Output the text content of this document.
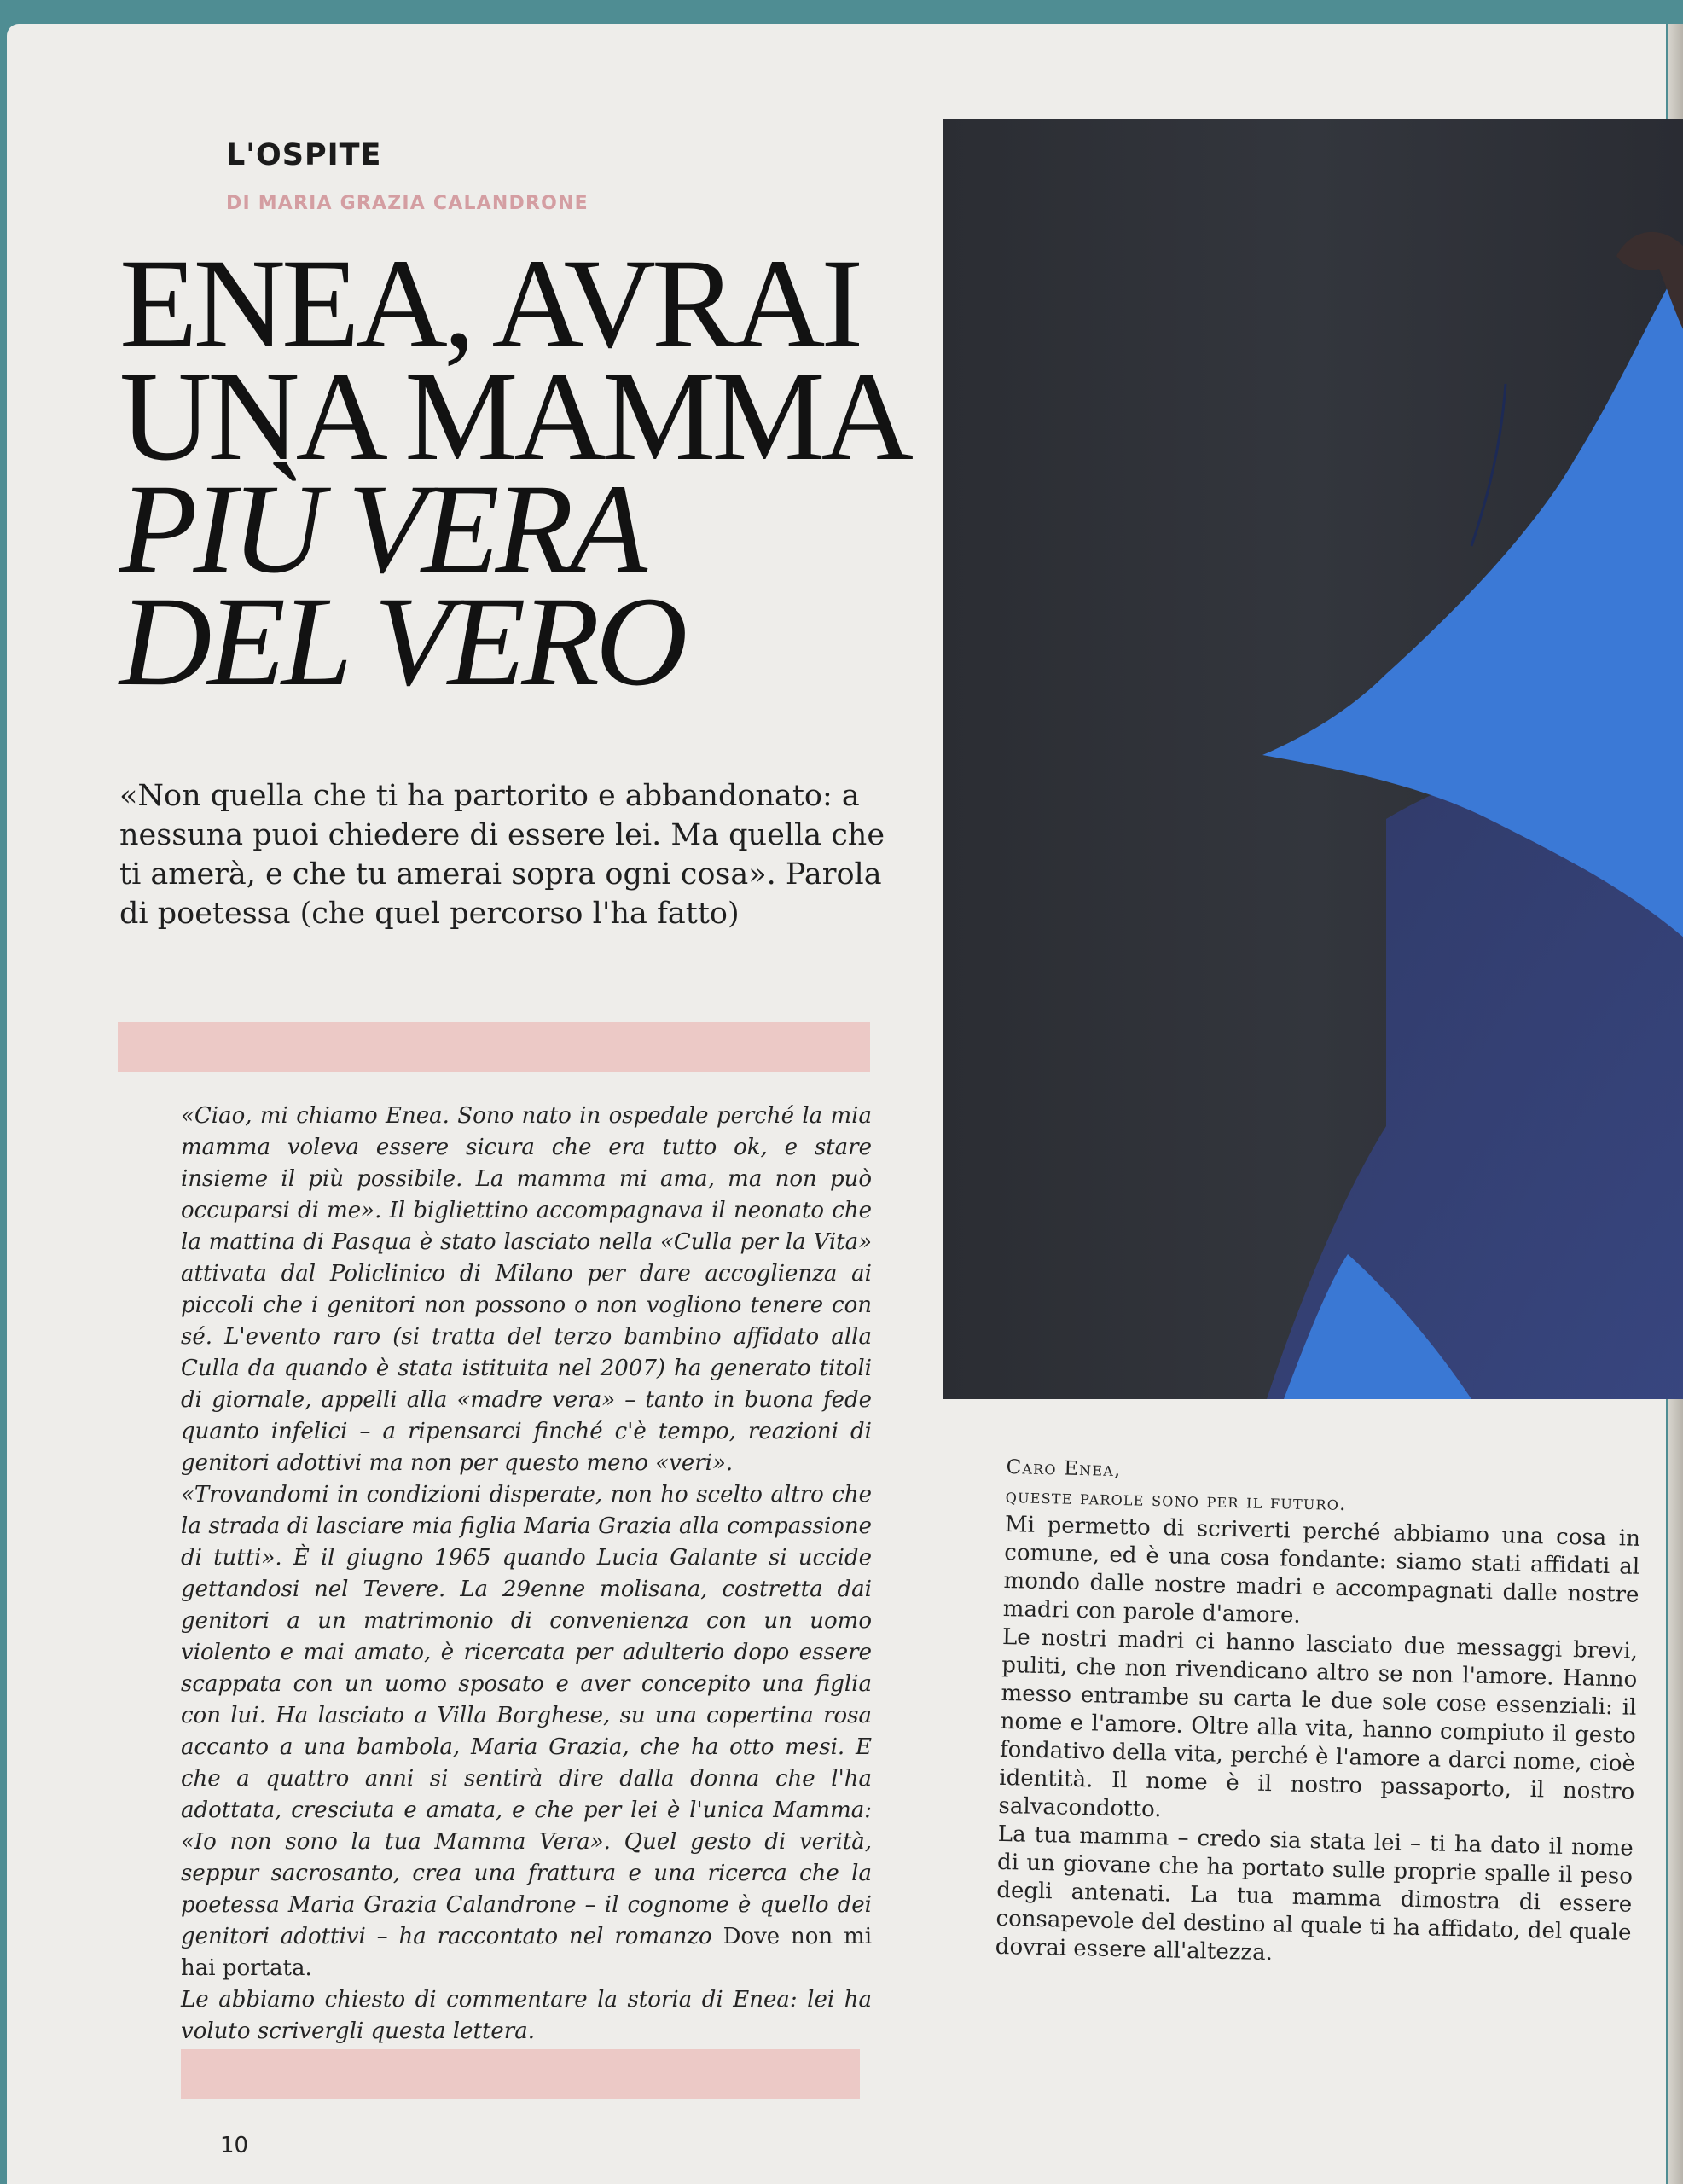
L'OSPITE

DI MARIA GRAZIA CALANDRONE

ENEA, AVRAI
UNA MAMMA
PIÙ VERA
DEL VERO

«Non quella che ti ha partorito e abbandonato: a nessuna puoi chiedere di essere lei. Ma quella che ti amerà, e che tu amerai sopra ogni cosa». Parola di poetessa (che quel percorso l'ha fatto)

«Ciao, mi chiamo Enea. Sono nato in ospedale perché la mia mamma voleva essere sicura che era tutto ok, e stare insieme il più possibile. La mamma mi ama, ma non può occuparsi di me». Il bigliettino accompagnava il neonato che la mattina di Pasqua è stato lasciato nella «Culla per la Vita» attivata dal Policlinico di Milano per dare accoglienza ai piccoli che i genitori non possono o non vogliono tenere con sé. L'evento raro (si tratta del terzo bambino affidato alla Culla da quando è stata istituita nel 2007) ha generato titoli di giornale, appelli alla «madre vera» – tanto in buona fede quanto infelici – a ripensarci finché c'è tempo, reazioni di genitori adottivi ma non per questo meno «veri».

«Trovandomi in condizioni disperate, non ho scelto altro che la strada di lasciare mia figlia Maria Grazia alla compassione di tutti». È il giugno 1965 quando Lucia Galante si uccide gettandosi nel Tevere. La 29enne molisana, costretta dai genitori a un matrimonio di convenienza con un uomo violento e mai amato, è ricercata per adulterio dopo essere scappata con un uomo sposato e aver concepito una figlia con lui. Ha lasciato a Villa Borghese, su una copertina rosa accanto a una bambola, Maria Grazia, che ha otto mesi. E che a quattro anni si sentirà dire dalla donna che l'ha adottata, cresciuta e amata, e che per lei è l'unica Mamma: «Io non sono la tua Mamma Vera». Quel gesto di verità, seppur sacrosanto, crea una frattura e una ricerca che la poetessa Maria Grazia Calandrone – il cognome è quello dei genitori adottivi – ha raccontato nel romanzo Dove non mi hai portata.

Le abbiamo chiesto di commentare la storia di Enea: lei ha voluto scrivergli questa lettera.

Caro Enea,

queste parole sono per il futuro.

Mi permetto di scriverti perché abbiamo una cosa in comune, ed è una cosa fondante: siamo stati affidati al mondo dalle nostre madri e accompagnati dalle nostre madri con parole d'amore.

Le nostri madri ci hanno lasciato due messaggi brevi, puliti, che non rivendicano altro se non l'amore. Hanno messo entrambe su carta le due sole cose essenziali: il nome e l'amore. Oltre alla vita, hanno compiuto il gesto fondativo della vita, perché è l'amore a darci nome, cioè identità. Il nome è il nostro passaporto, il nostro salvacondotto.

La tua mamma – credo sia stata lei – ti ha dato il nome di un giovane che ha portato sulle proprie spalle il peso degli antenati. La tua mamma dimostra di essere consapevole del destino al quale ti ha affidato, del quale dovrai essere all'altezza.

10
